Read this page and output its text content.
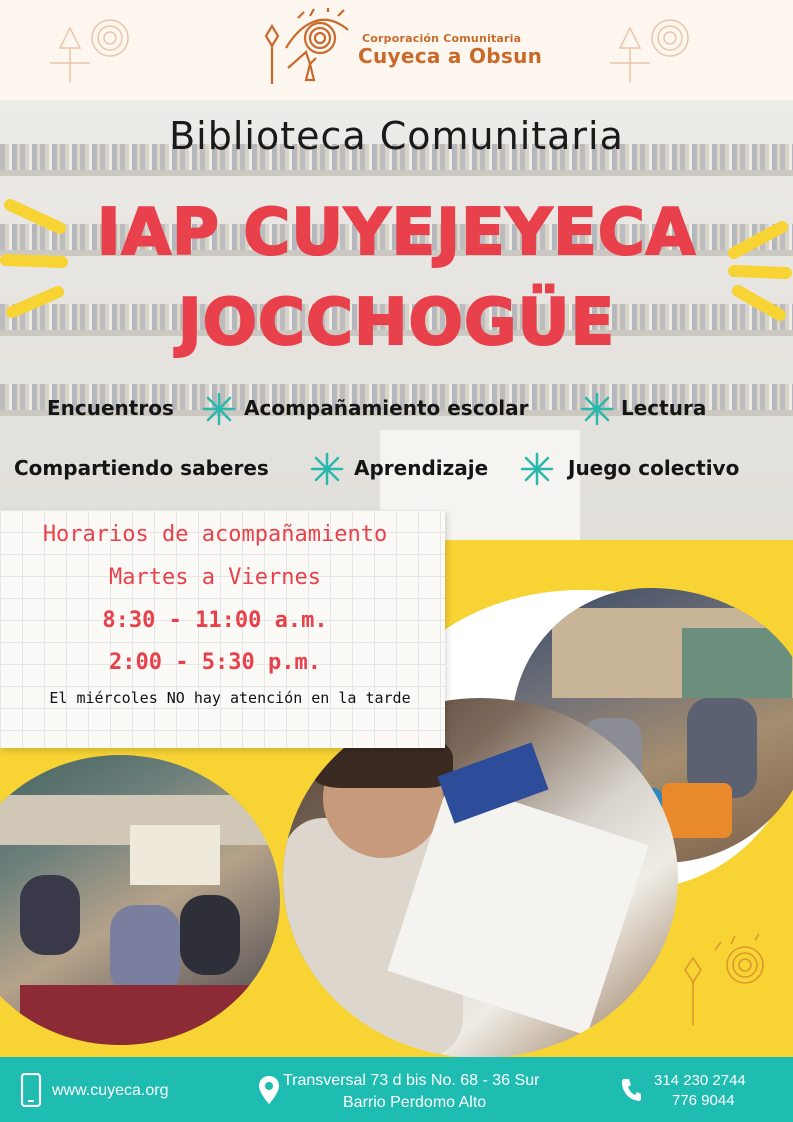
Corporación Comunitaria
Cuyeca a Obsun
Biblioteca Comunitaria
IAP CUYEJEYECA
JOCCHOGÜE
Encuentros	Acompañamiento escolar	Lectura
Compartiendo saberes	Aprendizaje	Juego colectivo
Horarios de acompañamiento
Martes a Viernes
8:30 - 11:00 a.m.
2:00 - 5:30 p.m.
El miércoles NO hay atención en la tarde
www.cuyeca.org
Transversal 73 d bis No. 68 - 36 Sur
Barrio Perdomo Alto
314 230 2744
776 9044
